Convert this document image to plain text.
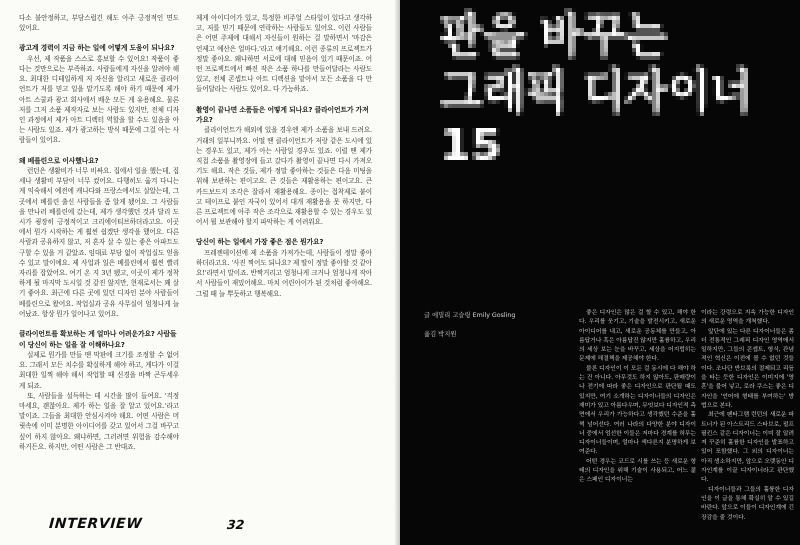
다소 불안정하고, 부담스럽긴 해도 아주 긍정적인 면도 있어요.

광고계 경력이 지금 하는 일에 어떻게 도움이 되나요?

우선, 제 작품을 스스로 홍보할 수 있어요! 작품이 좋다는 것만으로는 부족하죠. 사람들에게 자신을 알려야 해요. 최대한 디테일하게 저 자신을 알리고 새로운 클라이언트가 저를 믿고 일을 맡기도록 해야 하기 때문에 제가 아트 스쿨과 광고 회사에서 배운 모든 게 유용해요. 물론 저를 그저 소품 제작자로 보는 사람도 있지만, 전체 디자인 과정에서 제가 아트 디렉터 역할을 할 수도 있음을 아는 사람도 있죠. 제가 광고하는 방식 때문에 그걸 아는 사람들이 있어요.

왜 베를린으로 이사했나요?

런던은 생활비가 너무 비싸요. 집에서 일을 했는데, 집세나 생활비 부담이 너무 컸어요. 다행히도 옮겨 다니는 게 익숙해서 예전에 캐나다와 프랑스에서도 살았는데, 그곳에서 베를린 출신 사람들을 좀 알게 됐어요. 그 사람들을 만나러 베를린에 갔는데, 제가 생각했던 것과 달리 도시가 굉장히 긍정적이고 크리에이티브하더라고요. 이곳에서 뭔가 시작하는 게 훨씬 쉽겠단 생각을 했어요. 다른 사람과 공유하지 않고, 저 혼자 살 수 있는 좋은 아파트도 구할 수 있을 거 같았죠. 임대료 부담 없이 작업실도 얻을 수 있고 말이에요. 제 사업과 일은 베를린에서 훨씬 빨리 자리를 잡았어요. 여기 온 지 3년 됐고, 이곳이 제가 정착하게 될 마지막 도시일 것 같진 않지만, 현재로서는 꽤 살기 좋아요. 최근에 다른 곳에 있던 디자인 분야 사람들이 베를린으로 왔어요. 작업실과 공유 사무실이 엄청나게 늘어났죠. 항상 뭔가 일어나고 있어요.

클라이언트를 확보하는 게 얼마나 어려운가요? 사람들이 당신이 하는 일을 잘 이해하나요?

실제로 뭔가를 만들 땐 막판에 크기를 조정할 수 없어요. 그래서 모든 치수를 확실하게 해야 하고, 게다가 이걸 최대한 일찍 해야 해서 작업할 때 신경을 바짝 곤두세우게 되죠.

또, 사람들을 설득하는 데 시간을 많이 들여요. '걱정 마세요, 괜찮아요. 제가 하는 일을 잘 알고 있어요.'라고 말이죠. 그들을 최대한 안심시켜야 해요. 어떤 사람은 머릿속에 이미 분명한 아이디어를 갖고 있어서 그걸 바꾸고 싶어 하지 않아요. 왜냐하면, 그러려면 위험을 감수해야 하거든요. 하지만, 어떤 사람은 그 반대죠.

제게 아이디어가 있고, 특정한 비주얼 스타일이 있다고 생각하고, 저를 믿기 때문에 연락하는 사람들도 있어요. 이런 사람들은 어떤 주제에 대해서 자신들이 원하는 걸 말하면서 '마감은 언제고 예산은 얼마다.'라고 얘기해요. 이런 종류의 프로젝트가 정말 좋아요. 왜냐하면 서로에 대해 믿음이 있기 때문이죠. 어떤 프로젝트에서 빠진 작은 소품 하나를 만들어달라는 사람도 있고, 전체 콘셉트나 아트 디렉션을 맡아서 모든 소품을 다 만들어달라는 사람도 있어요. 다 가능하죠.

촬영이 끝나면 소품들은 어떻게 되나요? 클라이언트가 가져가요?

클라이언트가 해외에 있을 경우엔 제가 소품을 보내 드려요. 거래의 일부니까요. 어떨 땐 클라이언트가 저랑 같은 도시에 있는 경우도 있고, 제가 아는 사람일 경우도 있죠. 이럴 땐 제가 직접 소품을 촬영장에 들고 갔다가 촬영이 끝나면 다시 가져오기도 해요. 작은 것들, 제가 정말 좋아하는 것들은 다음 미팅을 위해 보관하는 편이고요. 큰 것들은 재활용하는 편이고요. 큰 카드보드지 조각은 잘라서 재활용해요. 종이는 접착제로 붙이고 테이프로 붙인 자국이 있어서 대개 재활용을 못 하지만, 다른 프로젝트에 아주 작은 조각으로 재활용할 수 있는 경우도 있어서 뭘 보관해야 할지 파악하는 게 어려워요.

당신이 하는 일에서 가장 좋은 점은 뭔가요?

프레젠테이션에 제 소품을 가져가는데, 사람들이 정말 좋아하더라고요. '사진 찍어도 되나요? 제 딸이 정말 좋아할 것 같아요!'라면서 말이죠. 반짝거리고 엄청나게 크거나 엄청나게 작아서 사람들이 재밌어해요. 마치 어린아이가 된 것처럼 좋아해요. 그럴 때 늘 뿌듯하고 행복해요.

INTERVIEW	32
글 에밀리 고슬링 Emily Gosling
옮김 박지원

좋은 디자인은 많은 걸 할 수 있고, 해야 한다. 우리를 웃기고, 기술을 발전시키고, 새로운 아이디어를 내고, 새로운 공동체를 만들고, 아름답거나 혹은 아름답진 않지만 훌륭하고, 우리의 세상 보는 눈을 바꾸고, 세상을 어지럽히는 문제에 해결책을 제공해야 한다.

물론 디자인이 이 모든 걸 동시에 다 해야 하는 건 아니다. 아무것도 하지 않아도, 판매량이나 전기에 따라 좋은 디자인으로 판단될 때도 있지만, 여기 소개하는 디자이너들의 디자인은 재미가 있고 아름다우며, 무엇보다 디자인적 측면에서 우리가 가능하다고 생각했던 수준을 훌쩍 넘어선다. 여러 나라의 다양한 분야 디자이너 중에서 엄선한 이들은 저마다 경계를 허무는 디자이너들이며, 얼마나 색다른지 분명하게 보여준다.

어떤 경우는 코드로 시를 쓰는 등 새로운 형태의 디자인을 위해 기술이 사용되고, 어느 젊은 스페인 디자이너는

이라는 강령으로 지속 가능한 디자인의 새로운 영역을 개척했다.

앞단에 있는 다른 디자이너들은 좀 더 전통적인 그래픽 디자인 영역에서 일하지만, 그들의 콘셉트, 형식, 관념적인 혁신은 이전에 볼 수 없던 것들이다. 조나단 반브룩의 절제되고 리듬을 타는 듯한 디자인은 이미지에 '영혼'을 불어 넣고, 로라 쿠스는 좋은 디자인을 '언어에 형태를 부여하는' 방법으로 본다.

최근에 펜타그램 런던의 새로운 파트너가 된 아스트리드 스타브로, 펄프 필킨스 같은 디자이너는 이미 잘 알려져 꾸준히 훌륭한 디자인을 발표하고 있어 포함했다. 그 외의 디자이너는 아직 생소하지만, 앞으로 오랫동안 디자인계를 이끌 디자이너라고 판단했다.

디자이너들과 그들의 훌륭한 디자인을 이 글을 통해 확실히 알 수 있길 바란다. 앞으로 이들이 디자인계에 긴장감을 줄 것이다.
